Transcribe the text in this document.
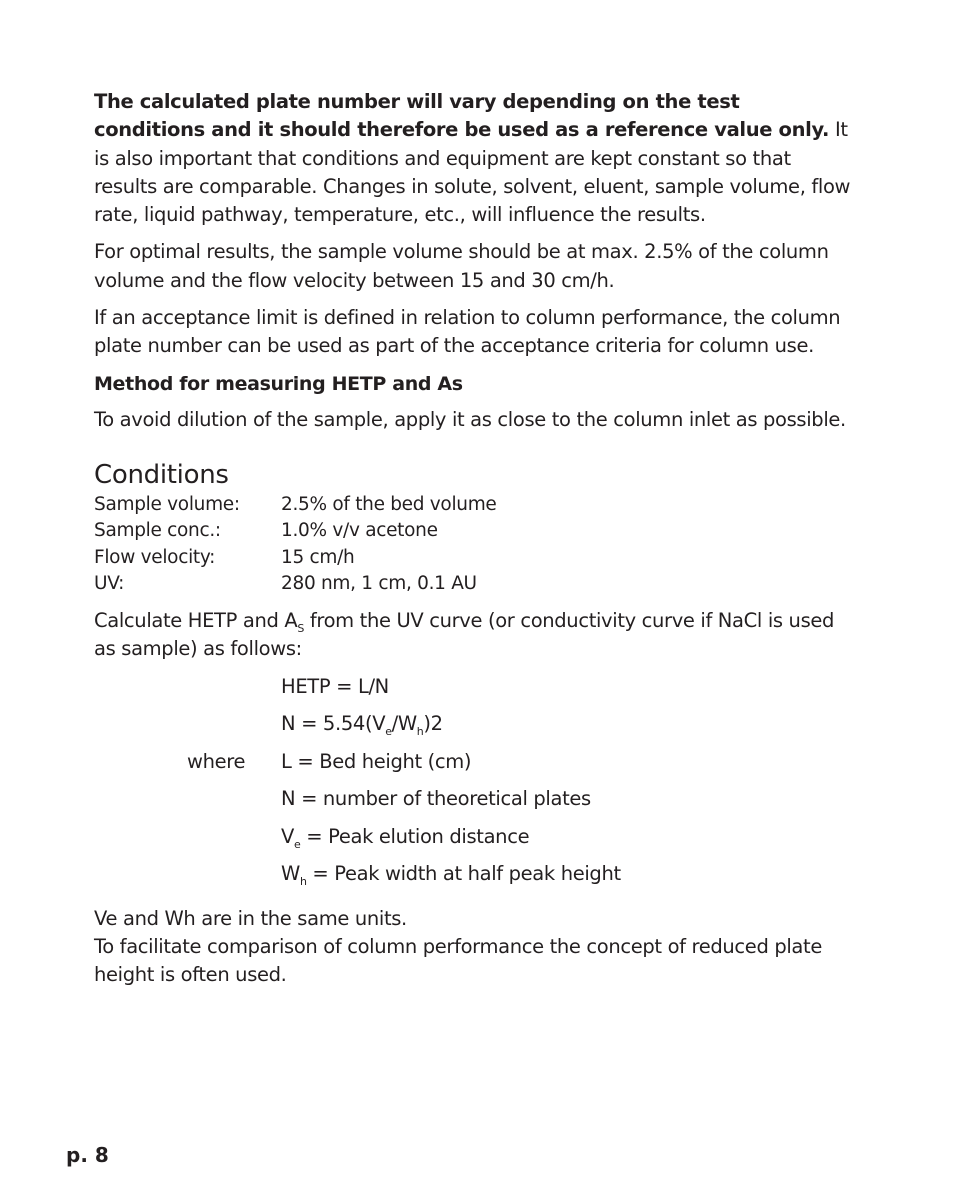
The calculated plate number will vary depending on the test conditions and it should therefore be used as a reference value only. It is also important that conditions and equipment are kept constant so that results are comparable. Changes in solute, solvent, eluent, sample volume, flow rate, liquid pathway, temperature, etc., will influence the results.

For optimal results, the sample volume should be at max. 2.5% of the column volume and the flow velocity between 15 and 30 cm/h.

If an acceptance limit is defined in relation to column performance, the column plate number can be used as part of the acceptance criteria for column use.

Method for measuring HETP and As

To avoid dilution of the sample, apply it as close to the column inlet as possible.

Conditions
Sample volume:	2.5% of the bed volume
Sample conc.:	1.0% v/v acetone
Flow velocity:	15 cm/h
UV:	280 nm, 1 cm, 0.1 AU

Calculate HETP and $A_S$ from the UV curve (or conductivity curve if NaCl is used as sample) as follows:

HETP = L/N
$N = 5.54(V_e/W_h)2$
where	L = Bed height (cm)
N = number of theoretical plates
$V_e$ = Peak elution distance
$W_h$ = Peak width at half peak height

Ve and Wh are in the same units.

To facilitate comparison of column performance the concept of reduced plate height is often used.

p. 8
